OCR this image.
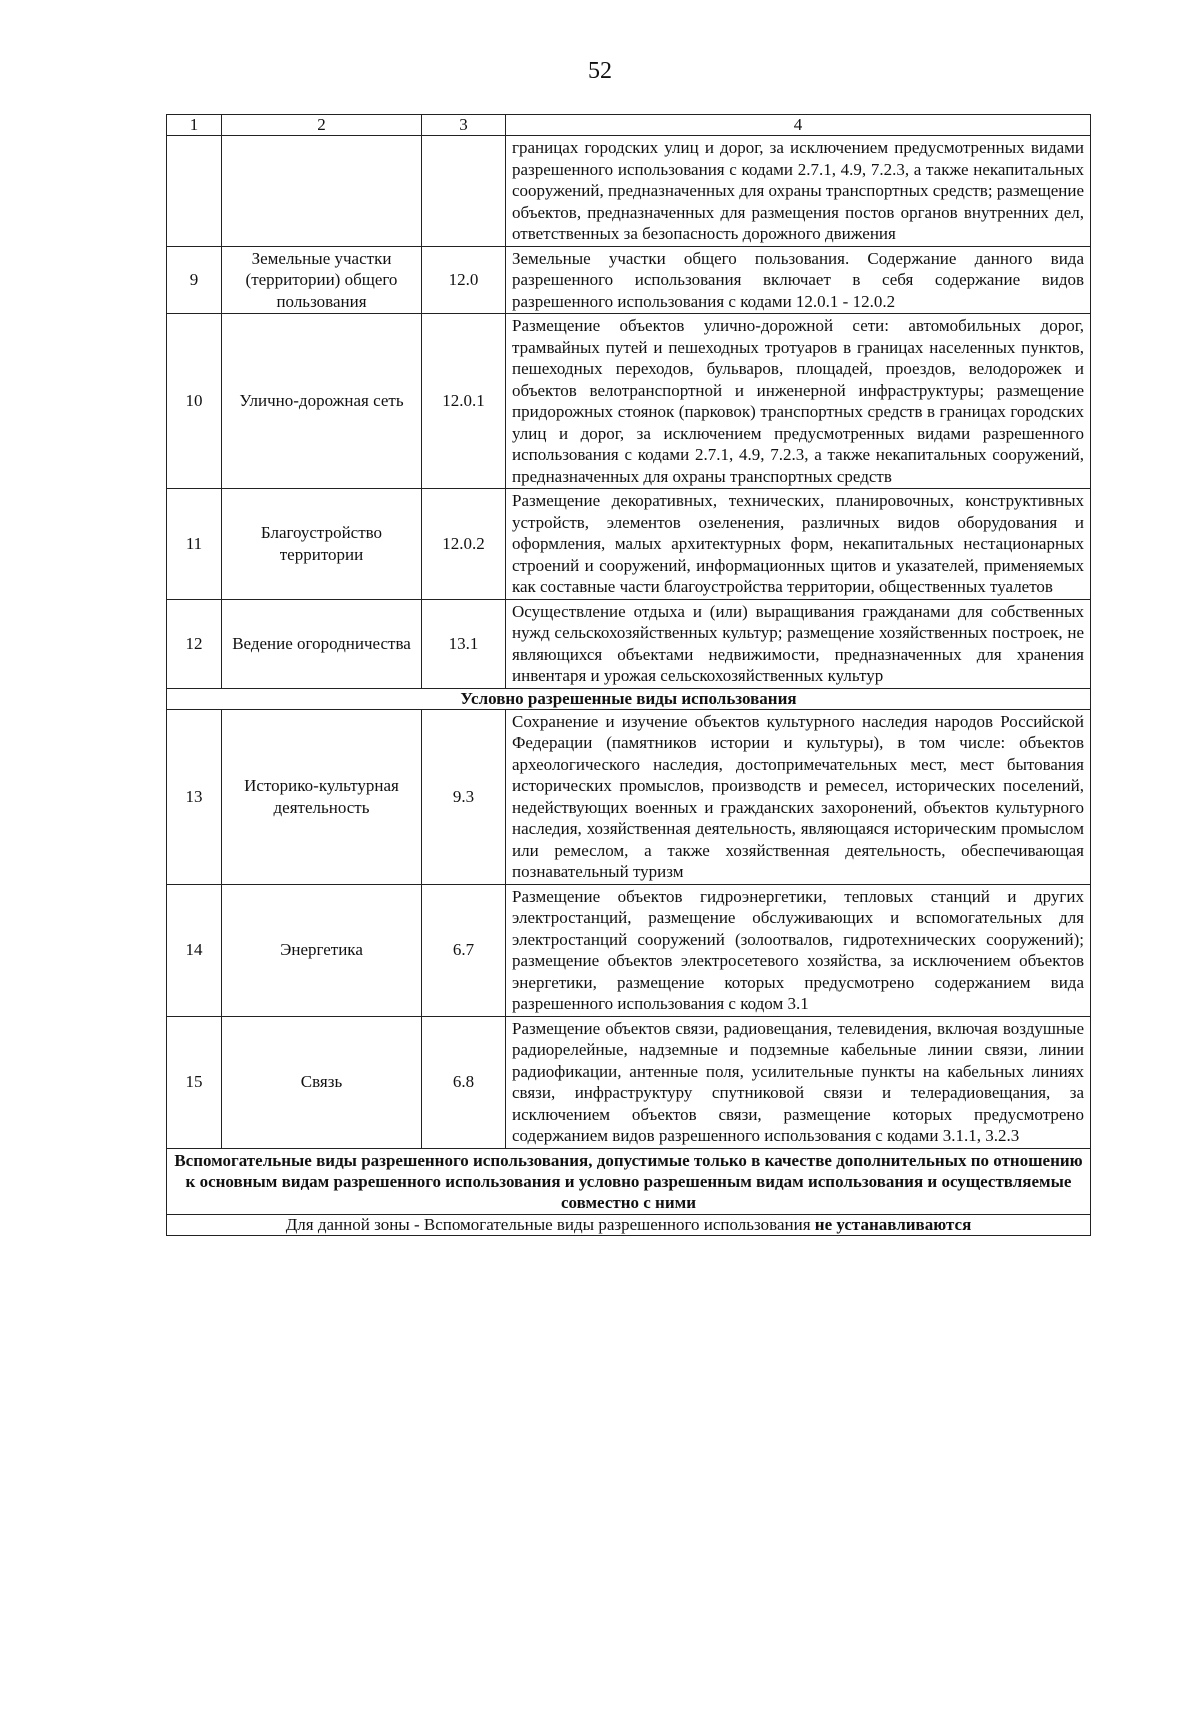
52
1	2	3	4
			границах городских улиц и дорог, за исключением предусмотренных видами разрешенного использования с кодами 2.7.1, 4.9, 7.2.3, а также некапитальных сооружений, предназначенных для охраны транспортных средств; размещение объектов, предназначенных для размещения постов органов внутренних дел, ответственных за безопасность дорожного движения
9	Земельные участки (территории) общего пользования	12.0	Земельные участки общего пользования. Содержание данного вида разрешенного использования включает в себя содержание видов разрешенного использования с кодами 12.0.1 - 12.0.2
10	Улично-дорожная сеть	12.0.1	Размещение объектов улично-дорожной сети: автомобильных дорог, трамвайных путей и пешеходных тротуаров в границах населенных пунктов, пешеходных переходов, бульваров, площадей, проездов, велодорожек и объектов велотранспортной и инженерной инфраструктуры; размещение придорожных стоянок (парковок) транспортных средств в границах городских улиц и дорог, за исключением предусмотренных видами разрешенного использования с кодами 2.7.1, 4.9, 7.2.3, а также некапитальных сооружений, предназначенных для охраны транспортных средств
11	Благоустройство территории	12.0.2	Размещение декоративных, технических, планировочных, конструктивных устройств, элементов озеленения, различных видов оборудования и оформления, малых архитектурных форм, некапитальных нестационарных строений и сооружений, информационных щитов и указателей, применяемых как составные части благоустройства территории, общественных туалетов
12	Ведение огородничества	13.1	Осуществление отдыха и (или) выращивания гражданами для собственных нужд сельскохозяйственных культур; размещение хозяйственных построек, не являющихся объектами недвижимости, предназначенных для хранения инвентаря и урожая сельскохозяйственных культур
Условно разрешенные виды использования			
13	Историко-культурная деятельность	9.3	Сохранение и изучение объектов культурного наследия народов Российской Федерации (памятников истории и культуры), в том числе: объектов археологического наследия, достопримечательных мест, мест бытования исторических промыслов, производств и ремесел, исторических поселений, недействующих военных и гражданских захоронений, объектов культурного наследия, хозяйственная деятельность, являющаяся историческим промыслом или ремеслом, а также хозяйственная деятельность, обеспечивающая познавательный туризм
14	Энергетика	6.7	Размещение объектов гидроэнергетики, тепловых станций и других электростанций, размещение обслуживающих и вспомогательных для электростанций сооружений (золоотвалов, гидротехнических сооружений); размещение объектов электросетевого хозяйства, за исключением объектов энергетики, размещение которых предусмотрено содержанием вида разрешенного использования с кодом 3.1
15	Связь	6.8	Размещение объектов связи, радиовещания, телевидения, включая воздушные радиорелейные, надземные и подземные кабельные линии связи, линии радиофикации, антенные поля, усилительные пункты на кабельных линиях связи, инфраструктуру спутниковой связи и телерадиовещания, за исключением объектов связи, размещение которых предусмотрено содержанием видов разрешенного использования с кодами 3.1.1, 3.2.3
Вспомогательные виды разрешенного использования, допустимые только в качестве дополнительных по отношению к основным видам разрешенного использования и условно разрешенным видам использования и осуществляемые совместно с ними			
Для данной зоны - Вспомогательные виды разрешенного использования не устанавливаются			
